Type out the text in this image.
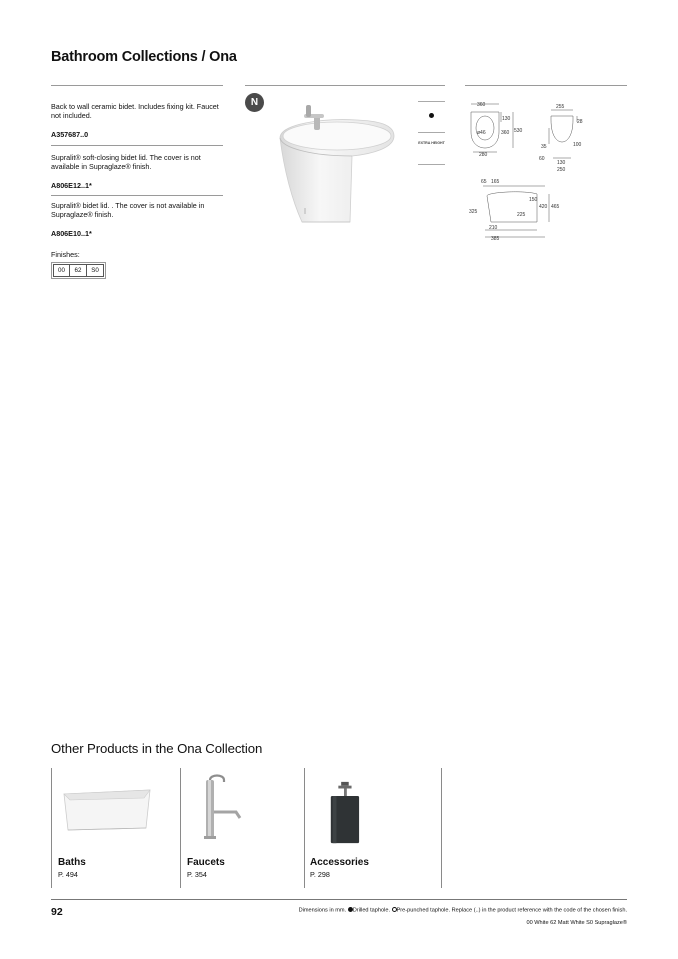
Bathroom Collections / Ona
Back to wall ceramic bidet. Includes fixing kit. Faucet not included.
A357687..0
Supralit® soft-closing bidet lid. The cover is not available in Supraglaze® finish.
A806E12..1*
Supralit® bidet lid. . The cover is not available in Supraglaze® finish.
A806E10..1*
Finishes:
00	62	S0
N
EXTRA HEIGHT
360
130
530
360
280
ø46
255
28
100
35
60
130
250
65 165
150
420 465
325	225
210
385
Other Products in the Ona Collection
Baths
P. 494
Faucets
P. 354
Accessories
P. 298
92	Dimensions in mm. Drilled taphole. Pre-punched taphole. Replace (..) in the product reference with the code of the chosen finish.
00 White 62 Matt White S0 Supraglaze®
